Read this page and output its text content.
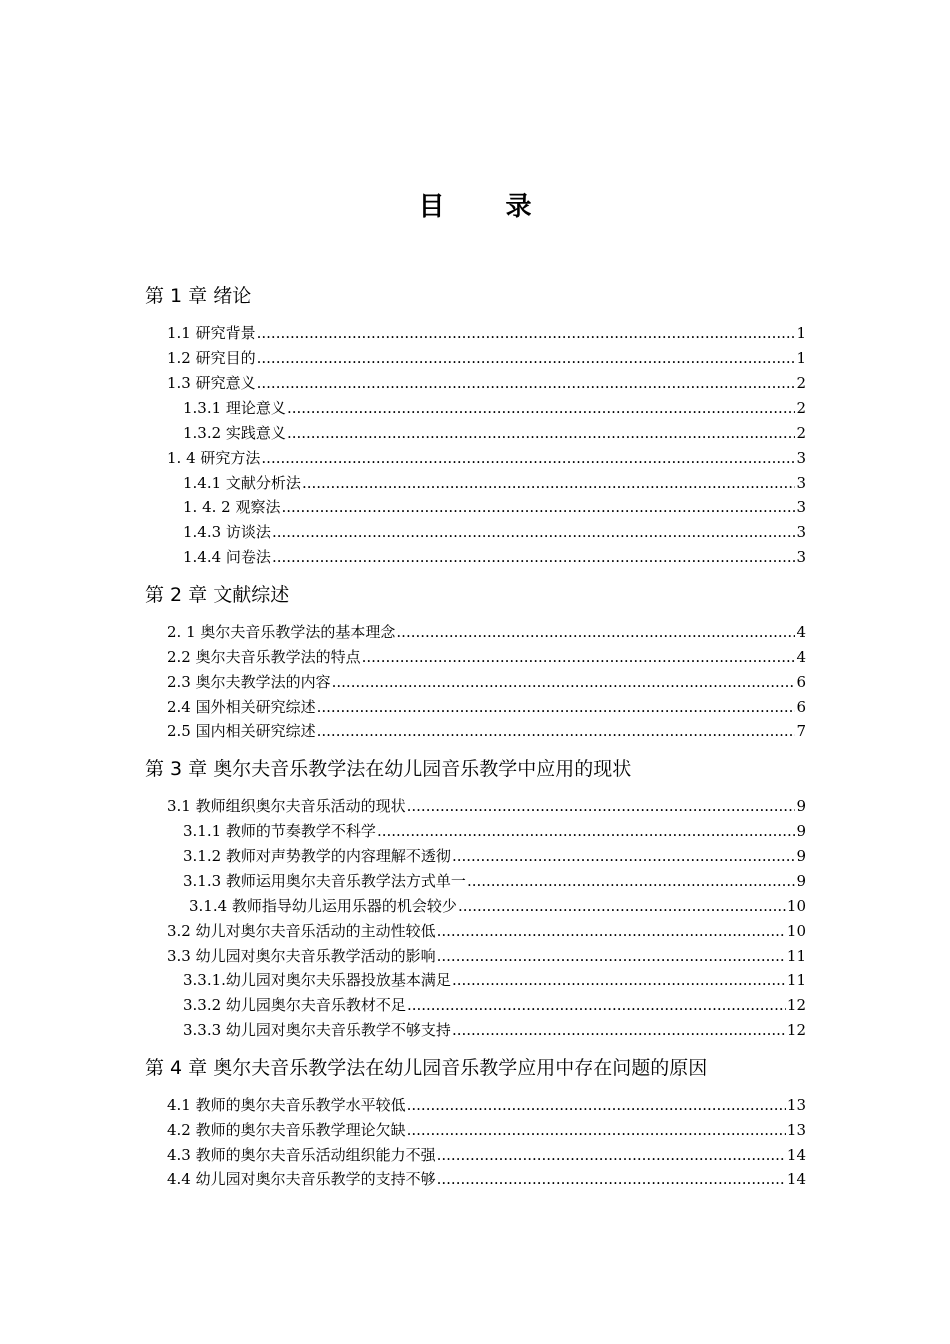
目 录
第 1 章 绪论
1.1 研究背景 .....	1
1.2 研究目的 .....	1
1.3 研究意义 .....	2
1.3.1 理论意义 .....	2
1.3.2 实践意义 .....	2
1. 4 研究方法 .....	3
1.4.1 文献分析法 .....	3
1. 4. 2 观察法 .....	3
1.4.3 访谈法 .....	3
1.4.4 问卷法 .....	3
第 2 章 文献综述
2. 1 奥尔夫音乐教学法的基本理念 .....	4
2.2 奥尔夫音乐教学法的特点 .....	4
2.3 奥尔夫教学法的内容 .....	6
2.4 国外相关研究综述 .....	6
2.5 国内相关研究综述 .....	7
第 3 章 奥尔夫音乐教学法在幼儿园音乐教学中应用的现状
3.1 教师组织奥尔夫音乐活动的现状 .....	9
3.1.1 教师的节奏教学不科学 .....	9
3.1.2 教师对声势教学的内容理解不透彻 .....	9
3.1.3 教师运用奥尔夫音乐教学法方式单一 .....	9
3.1.4 教师指导幼儿运用乐器的机会较少 .....	10
3.2 幼儿对奥尔夫音乐活动的主动性较低 .....	10
3.3 幼儿园对奥尔夫音乐教学活动的影响 .....	11
3.3.1.幼儿园对奥尔夫乐器投放基本满足 .....	11
3.3.2 幼儿园奥尔夫音乐教材不足 .....	12
3.3.3 幼儿园对奥尔夫音乐教学不够支持 .....	12
第 4 章 奥尔夫音乐教学法在幼儿园音乐教学应用中存在问题的原因
4.1 教师的奥尔夫音乐教学水平较低 .....	13
4.2 教师的奥尔夫音乐教学理论欠缺 .....	13
4.3 教师的奥尔夫音乐活动组织能力不强 .....	14
4.4 幼儿园对奥尔夫音乐教学的支持不够 .....	14
